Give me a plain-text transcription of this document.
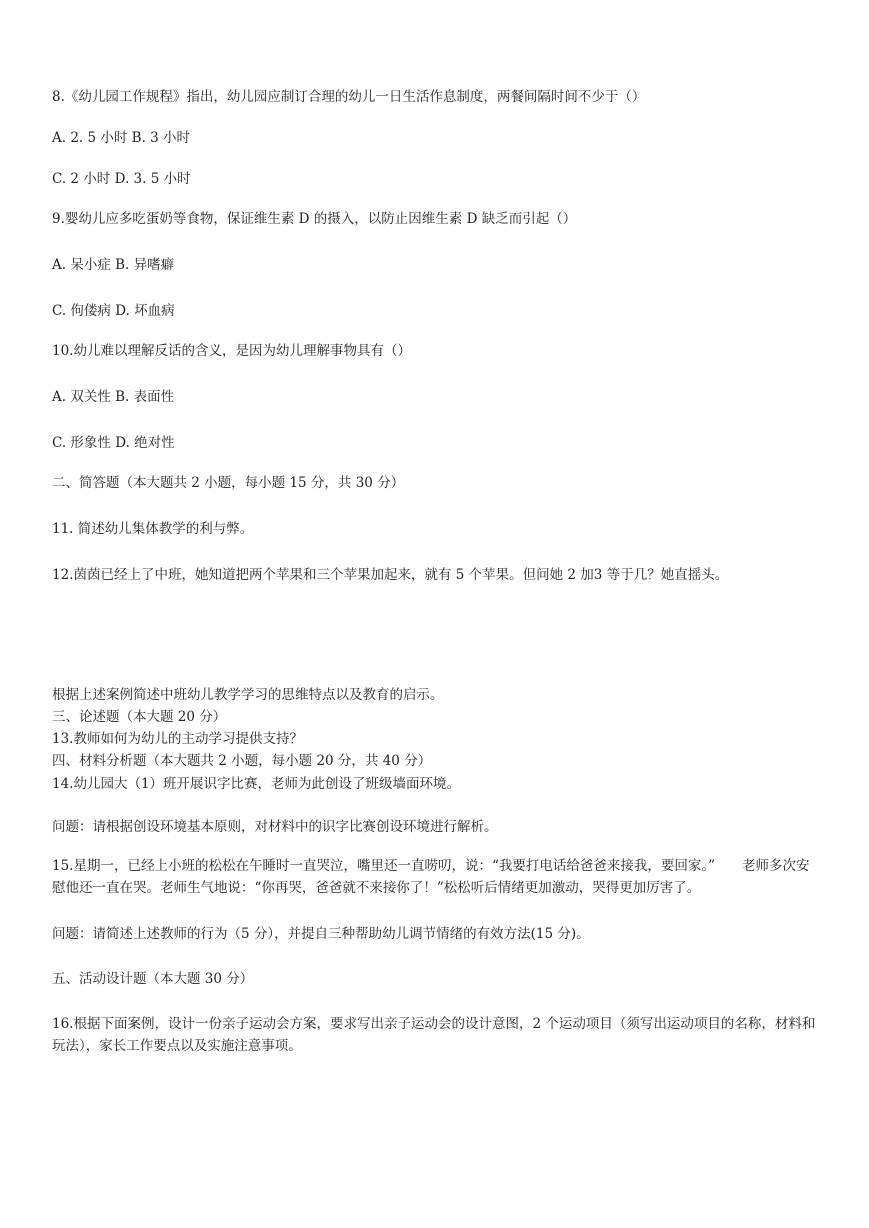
8.《幼儿园工作规程》指出，幼儿园应制订合理的幼儿一日生活作息制度，两餐间隔时间不少于（）
A. 2. 5 小时 B. 3 小时
C. 2 小时 D. 3. 5 小时
9.婴幼儿应多吃蛋奶等食物，保证维生素 D 的摄入，以防止因维生素 D 缺乏而引起（）
A. 呆小症 B. 异嗜癖
C. 佝偻病 D. 坏血病
10.幼儿难以理解反话的含义，是因为幼儿理解事物具有（）
A. 双关性 B. 表面性
C. 形象性 D. 绝对性
二、简答题（本大题共 2 小题，每小题 15 分，共 30 分）
11. 简述幼儿集体教学的利与弊。
12.茵茵已经上了中班，她知道把两个苹果和三个苹果加起来，就有 5 个苹果。但问她 2 加3 等于几？她直摇头。
根据上述案例简述中班幼儿教学学习的思维特点以及教育的启示。
三、论述题（本大题 20 分）
13.教师如何为幼儿的主动学习提供支持？
四、材料分析题（本大题共 2 小题，每小题 20 分，共 40 分）
14.幼儿园大（1）班开展识字比赛，老师为此创设了班级墙面环境。
问题：请根据创设环境基本原则，对材料中的识字比赛创设环境进行解析。
15.星期一，已经上小班的松松在午睡时一直哭泣，嘴里还一直唠叨，说：“我要打电话给爸爸来接我，要回家。”　　老师多次安慰他还一直在哭。老师生气地说：“你再哭，爸爸就不来接你了！”松松听后情绪更加激动，哭得更加厉害了。
问题：请简述上述教师的行为（5 分），并提自三种帮助幼儿调节情绪的有效方法(15 分)。
五、活动设计题（本大题 30 分）
16.根据下面案例，设计一份亲子运动会方案，要求写出亲子运动会的设计意图，2 个运动项目（须写出运动项目的名称，材料和玩法），家长工作要点以及实施注意事项。
